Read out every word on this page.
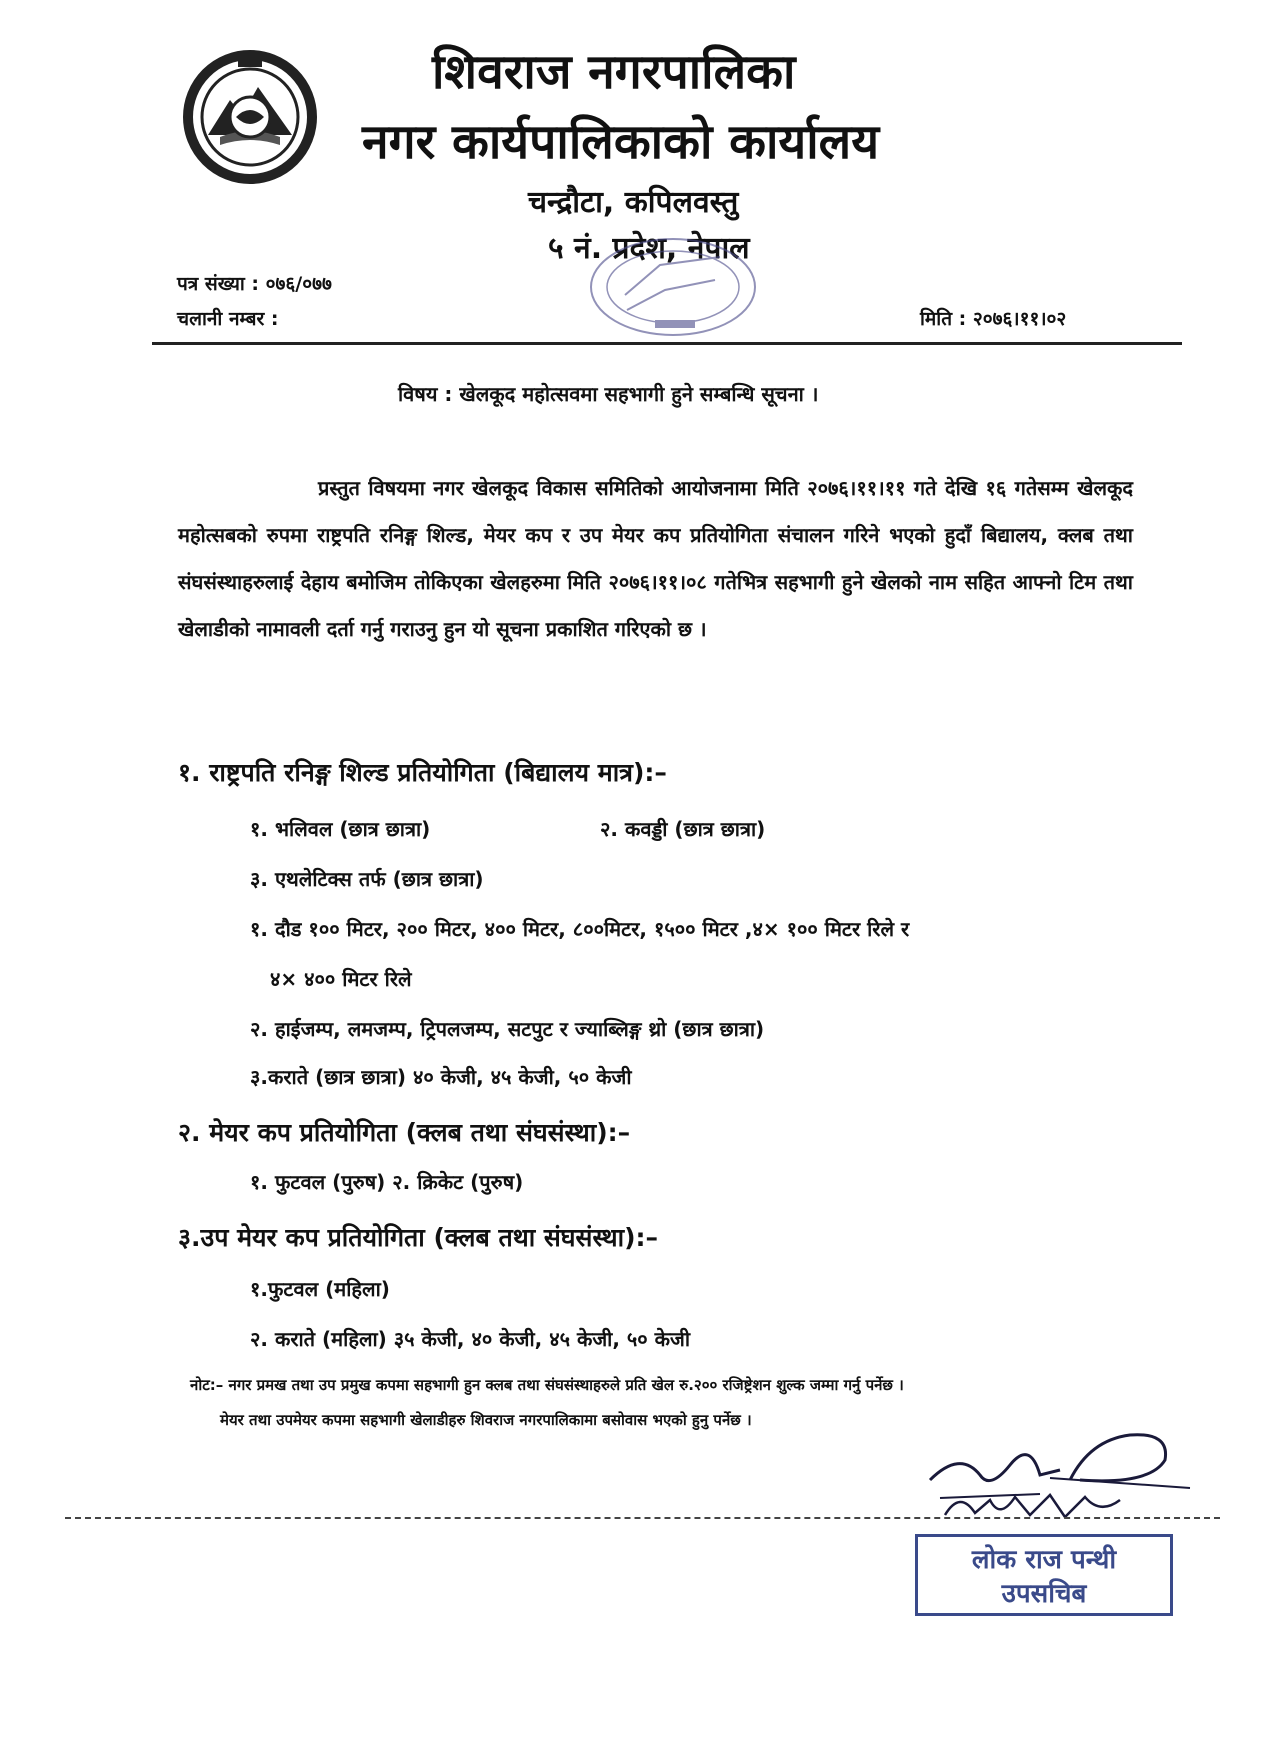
शिवराज नगरपालिका
नगर कार्यपालिकाको कार्यालय
चन्द्रौटा, कपिलवस्तु
५ नं. प्रदेश, नेपाल
पत्र संख्या : ०७६/०७७
चलानी नम्बर :	मिति : २०७६।११।०२
विषय : खेलकूद महोत्सवमा सहभागी हुने सम्बन्धि सूचना ।
प्रस्तुत विषयमा नगर खेलकूद विकास समितिको आयोजनामा मिति २०७६।११।११ गते देखि १६ गतेसम्म खेलकूद महोत्सबको रुपमा राष्ट्रपति रनिङ्ग शिल्ड, मेयर कप र उप मेयर कप प्रतियोगिता संचालन गरिने भएको हुदाँ बिद्यालय, क्लब तथा संघसंस्थाहरुलाई देहाय बमोजिम तोकिएका खेलहरुमा मिति २०७६।११।०८ गतेभित्र सहभागी हुने खेलको नाम सहित आफ्नो टिम तथा खेलाडीको नामावली दर्ता गर्नु गराउनु हुन यो सूचना प्रकाशित गरिएको छ ।
१. राष्ट्रपति रनिङ्ग शिल्ड प्रतियोगिता (बिद्यालय मात्र):–
१. भलिवल (छात्र छात्रा)	२. कवड्डी (छात्र छात्रा)
३. एथलेटिक्स तर्फ (छात्र छात्रा)
१. दौड १०० मिटर, २०० मिटर, ४०० मिटर, ८००मिटर, १५०० मिटर ,४× १०० मिटर रिले र
४× ४०० मिटर रिले
२. हाईजम्प, लमजम्प, ट्रिपलजम्प, सटपुट र ज्याब्लिङ्ग थ्रो (छात्र छात्रा)
३.कराते (छात्र छात्रा) ४० केजी, ४५ केजी, ५० केजी
२. मेयर कप प्रतियोगिता (क्लब तथा संघसंस्था):–
१. फुटवल (पुरुष) २. क्रिकेट (पुरुष)
३.उप मेयर कप प्रतियोगिता (क्लब तथा संघसंस्था):–
१.फुटवल (महिला)
२. कराते (महिला) ३५ केजी, ४० केजी, ४५ केजी, ५० केजी
नोट:– नगर प्रमख तथा उप प्रमुख कपमा सहभागी हुन क्लब तथा संघसंस्थाहरुले प्रति खेल रु.२०० रजिष्ट्रेशन शुल्क जम्मा गर्नु पर्नेछ ।
मेयर तथा उपमेयर कपमा सहभागी खेलाडीहरु शिवराज नगरपालिकामा बसोवास भएको हुनु पर्नेछ ।
लोक राज पन्थी
उपसचिब
